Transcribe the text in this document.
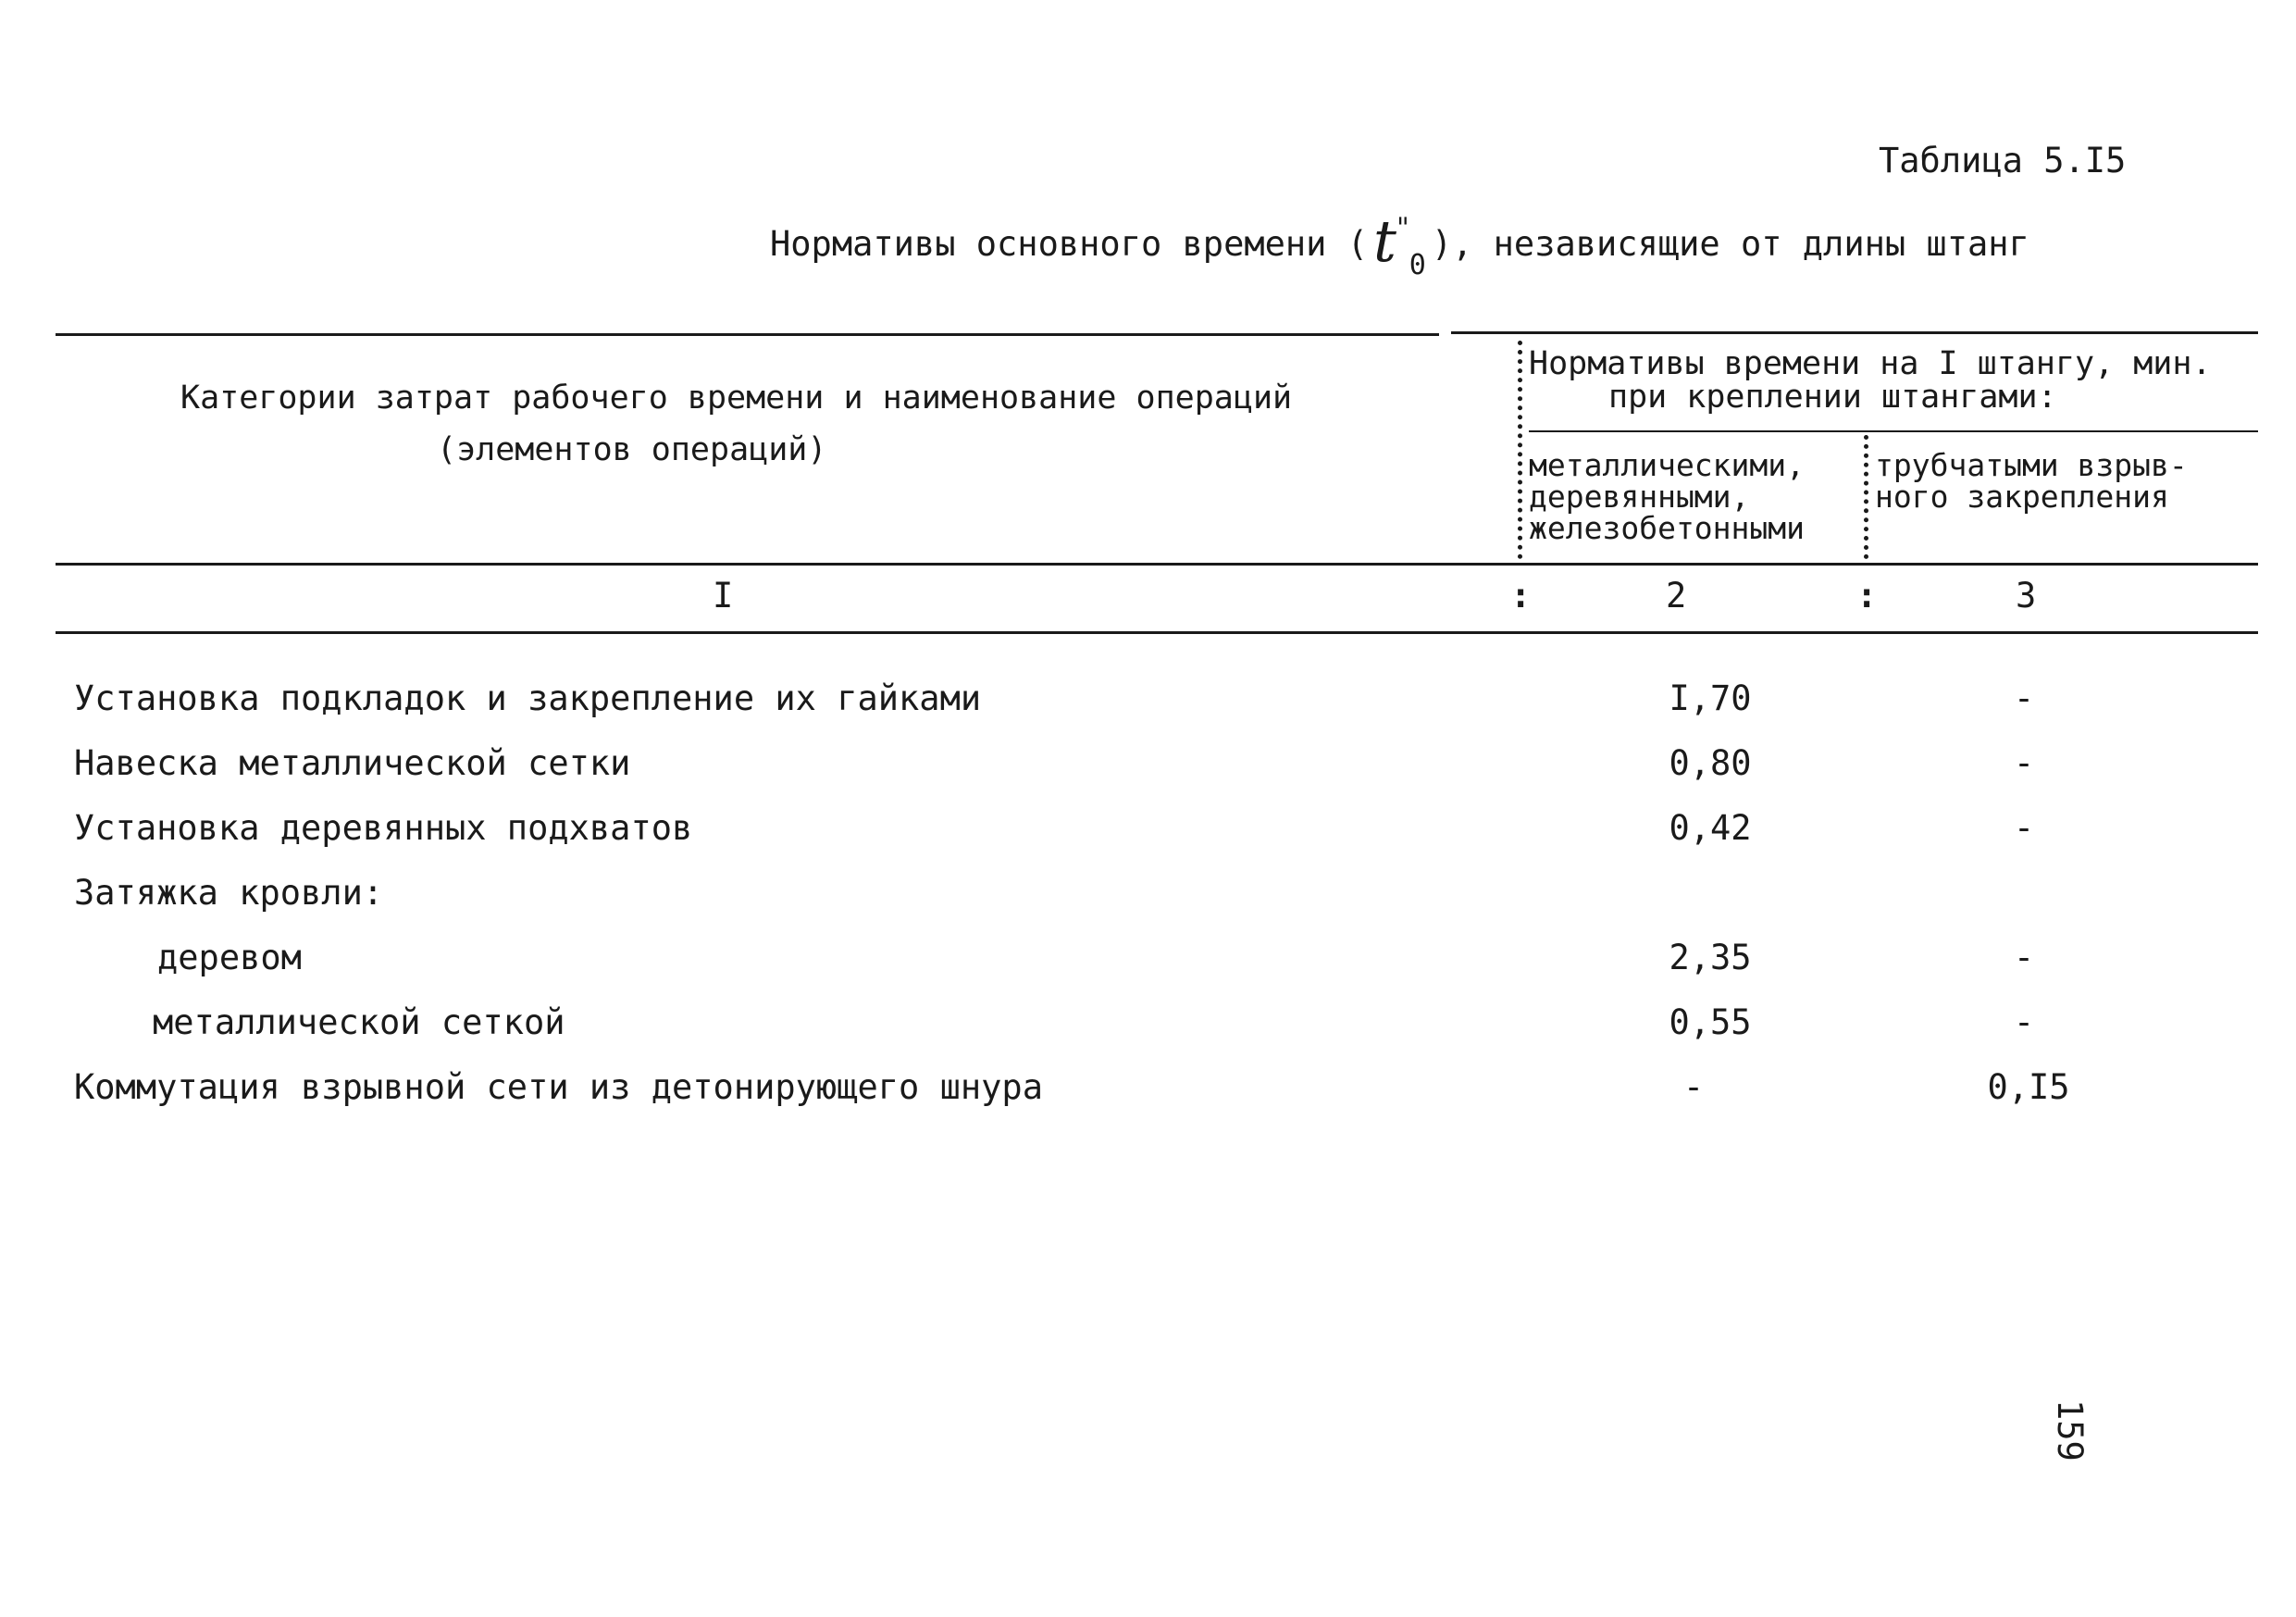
Таблица 5.I5
Нормативы основного времени $(t^"_0)$, независящие от длины штанг
Категории затрат рабочего времени и наименование операций
(элементов операций)
Нормативы времени на I штангу, мин.
при креплении штангами:
металлическими,
деревянными,
железобетонными
трубчатыми взрыв-
ного закрепления
I	:	2	:	3
Установка подкладок и закрепление их гайками	I,70	-
Навеска металлической сетки	0,80	-
Установка деревянных подхватов	0,42	-
Затяжка кровли:
деревом	2,35	-
металлической сеткой	0,55	-
Коммутация взрывной сети из детонирующего шнура	-	0,I5
159
